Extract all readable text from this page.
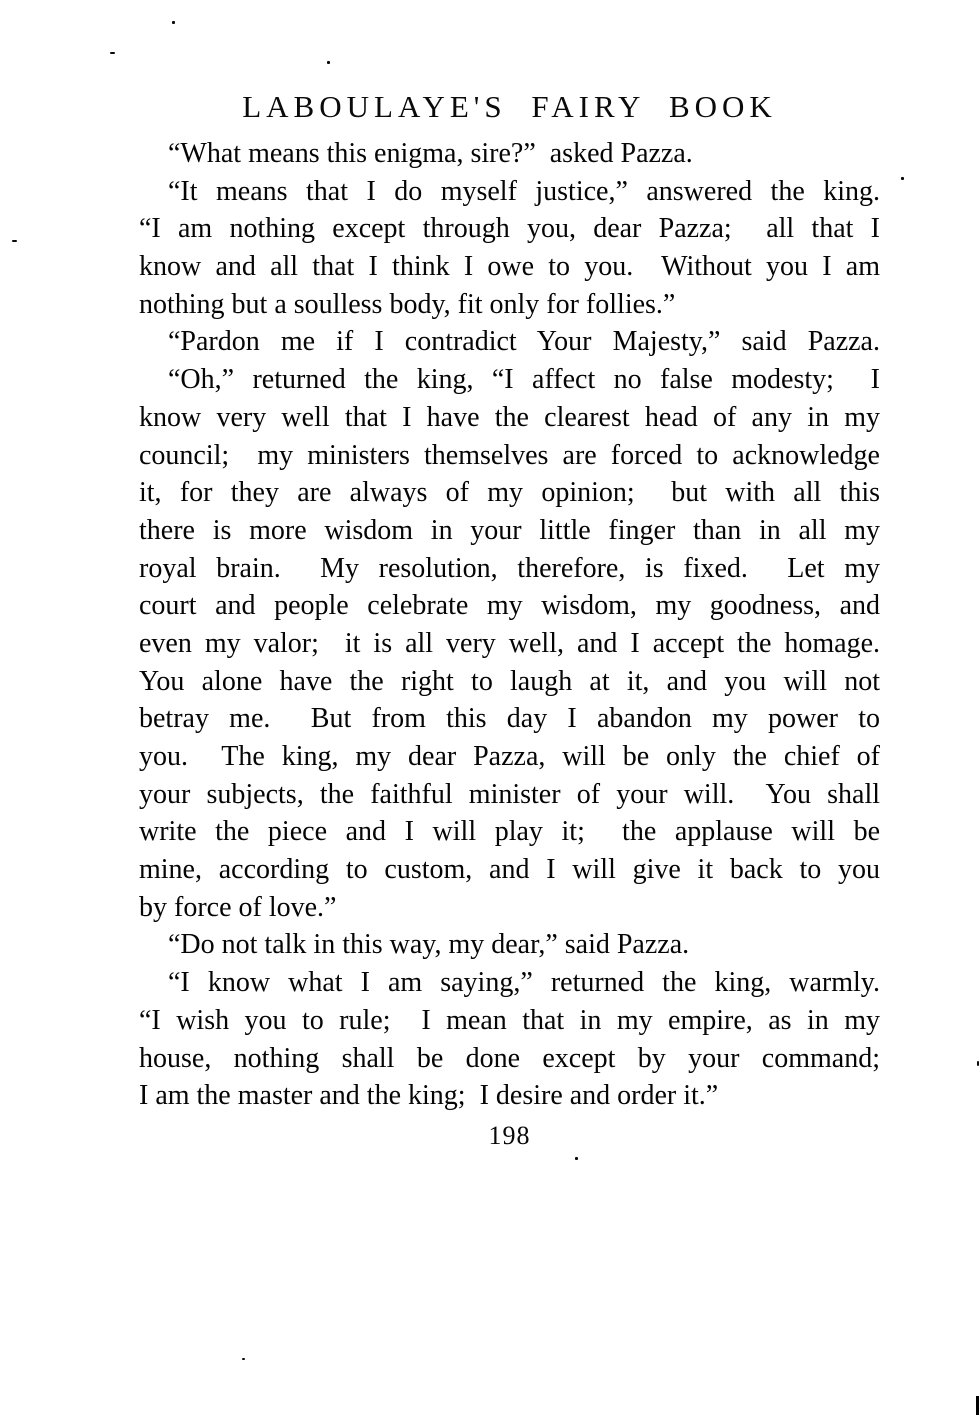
LABOULAYE'S FAIRY BOOK
“What means this enigma, sire?”  asked Pazza.
“It means that I do myself justice,” answered the king.
“I am nothing except through you, dear Pazza;  all that I
know and all that I think I owe to you.  Without you I am
nothing but a soulless body, fit only for follies.”
“Pardon me if I contradict Your Majesty,” said Pazza.
“Oh,” returned the king, “I affect no false modesty;  I
know very well that I have the clearest head of any in my
council;  my ministers themselves are forced to acknowledge
it, for they are always of my opinion;  but with all this
there is more wisdom in your little finger than in all my
royal brain.  My resolution, therefore, is fixed.  Let my
court and people celebrate my wisdom, my goodness, and
even my valor;  it is all very well, and I accept the homage.
You alone have the right to laugh at it, and you will not
betray me.  But from this day I abandon my power to
you.  The king, my dear Pazza, will be only the chief of
your subjects, the faithful minister of your will.  You shall
write the piece and I will play it;  the applause will be
mine, according to custom, and I will give it back to you
by force of love.”
“Do not talk in this way, my dear,” said Pazza.
“I know what I am saying,” returned the king, warmly.
“I wish you to rule;  I mean that in my empire, as in my
house, nothing shall be done except by your command;
I am the master and the king;  I desire and order it.”
198
